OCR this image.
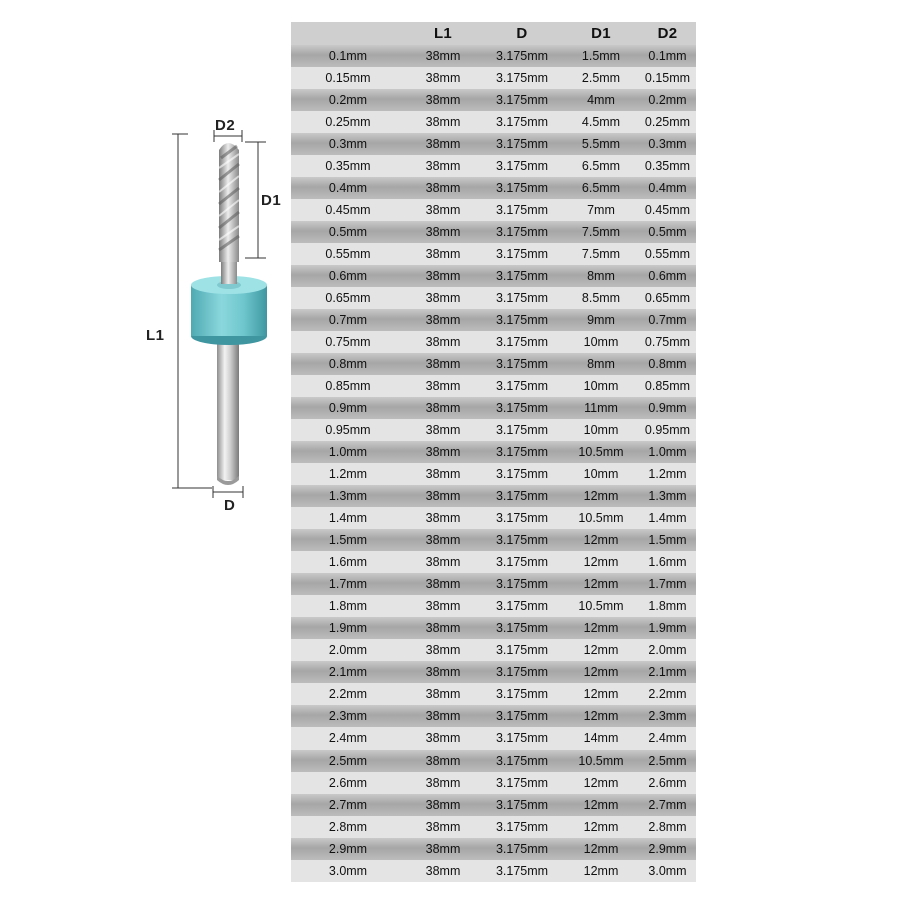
L1
D2
D1
D
	L1	D	D1	D2
0.1mm	38mm	3.175mm	1.5mm	0.1mm
0.15mm	38mm	3.175mm	2.5mm	0.15mm
0.2mm	38mm	3.175mm	4mm	0.2mm
0.25mm	38mm	3.175mm	4.5mm	0.25mm
0.3mm	38mm	3.175mm	5.5mm	0.3mm
0.35mm	38mm	3.175mm	6.5mm	0.35mm
0.4mm	38mm	3.175mm	6.5mm	0.4mm
0.45mm	38mm	3.175mm	7mm	0.45mm
0.5mm	38mm	3.175mm	7.5mm	0.5mm
0.55mm	38mm	3.175mm	7.5mm	0.55mm
0.6mm	38mm	3.175mm	8mm	0.6mm
0.65mm	38mm	3.175mm	8.5mm	0.65mm
0.7mm	38mm	3.175mm	9mm	0.7mm
0.75mm	38mm	3.175mm	10mm	0.75mm
0.8mm	38mm	3.175mm	8mm	0.8mm
0.85mm	38mm	3.175mm	10mm	0.85mm
0.9mm	38mm	3.175mm	11mm	0.9mm
0.95mm	38mm	3.175mm	10mm	0.95mm
1.0mm	38mm	3.175mm	10.5mm	1.0mm
1.2mm	38mm	3.175mm	10mm	1.2mm
1.3mm	38mm	3.175mm	12mm	1.3mm
1.4mm	38mm	3.175mm	10.5mm	1.4mm
1.5mm	38mm	3.175mm	12mm	1.5mm
1.6mm	38mm	3.175mm	12mm	1.6mm
1.7mm	38mm	3.175mm	12mm	1.7mm
1.8mm	38mm	3.175mm	10.5mm	1.8mm
1.9mm	38mm	3.175mm	12mm	1.9mm
2.0mm	38mm	3.175mm	12mm	2.0mm
2.1mm	38mm	3.175mm	12mm	2.1mm
2.2mm	38mm	3.175mm	12mm	2.2mm
2.3mm	38mm	3.175mm	12mm	2.3mm
2.4mm	38mm	3.175mm	14mm	2.4mm
2.5mm	38mm	3.175mm	10.5mm	2.5mm
2.6mm	38mm	3.175mm	12mm	2.6mm
2.7mm	38mm	3.175mm	12mm	2.7mm
2.8mm	38mm	3.175mm	12mm	2.8mm
2.9mm	38mm	3.175mm	12mm	2.9mm
3.0mm	38mm	3.175mm	12mm	3.0mm
